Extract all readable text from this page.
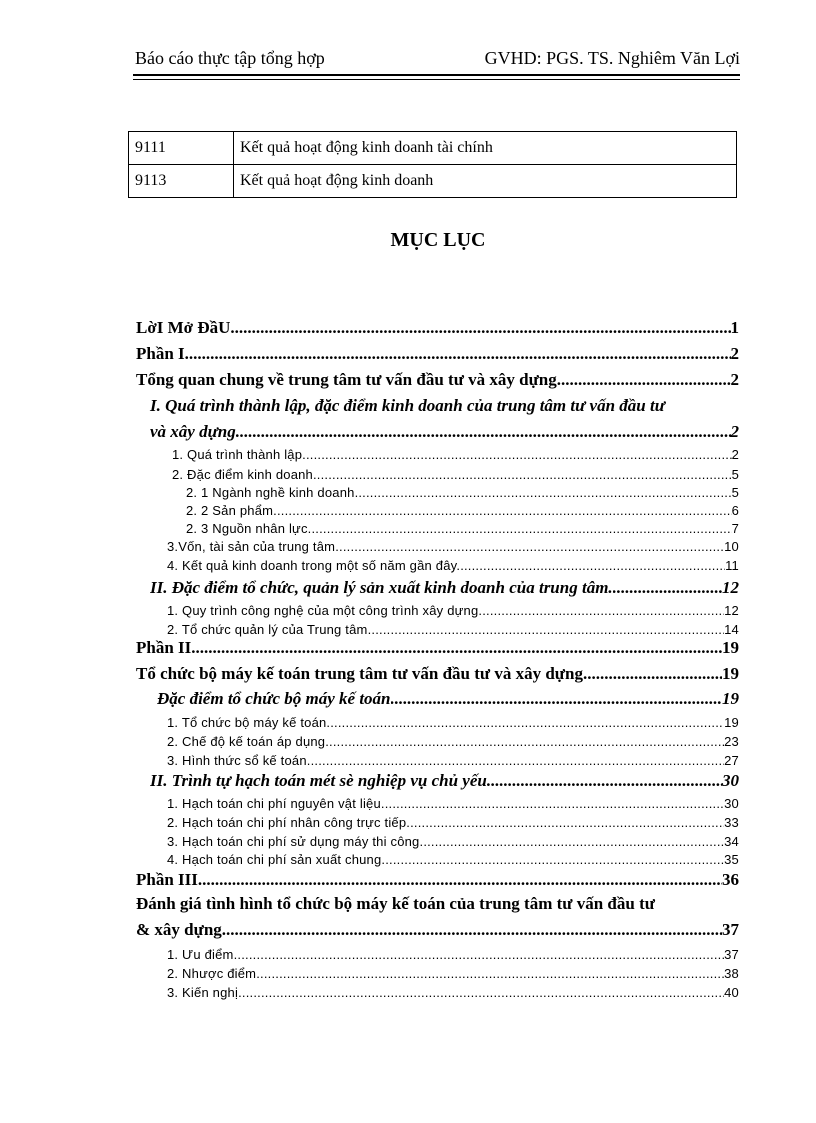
Báo cáo thực tập tổng hợp	GVHD: PGS. TS. Nghiêm Văn Lợi
9111	Kết quả hoạt động kinh doanh tài chính
9113	Kết quả hoạt động kinh doanh
MỤC LỤC
LờI Mở ĐầU .....	1
Phần I .....	2
Tổng quan chung về trung tâm tư vấn đầu tư và xây dựng .....	2
I. Quá trình thành lập, đặc điểm kinh doanh của trung tâm tư vấn đầu tư
và xây dựng .....	2
1. Quá trình thành lập. .....	2
2. Đặc điểm kinh doanh .....	5
2. 1 Ngành nghề kinh doanh .....	5
2. 2 Sản phẩm .....	6
2. 3 Nguồn nhân lực .....	7
3.Vốn, tài sản của trung tâm .....	10
4. Kết quả kinh doanh trong một số năm gần đây. .....	11
II. Đặc điểm tổ chức, quản lý sản xuất kinh doanh của trung tâm. .....	12
1. Quy trình công nghệ của một công trình xây dựng. .....	12
2. Tổ chức quản lý của Trung tâm. .....	14
Phần II .....	19
Tổ chức bộ máy kế toán trung tâm tư vấn đầu tư và xây dựng .....	19
Đặc điểm tổ chức bộ máy kế toán .....	19
1. Tổ chức bộ máy kế toán. .....	19
2. Chế độ kế toán áp dụng. .....	23
3. Hình thức sổ kế toán. .....	27
II. Trình tự hạch toán mét sè nghiệp vụ chủ yếu. .....	30
1. Hạch toán chi phí nguyên vật liệu. .....	30
2. Hạch toán chi phí nhân công trực tiếp. .....	33
3. Hạch toán chi phí sử dụng máy thi công. .....	34
4. Hạch toán chi phí sản xuất chung. .....	35
Phần III .....	36
Đánh giá tình hình tổ chức bộ máy kế toán của trung tâm tư vấn đầu tư
& xây dựng .....	37
1. Ưu điểm .....	37
2. Nhược điểm .....	38
3. Kiến nghị .....	40
